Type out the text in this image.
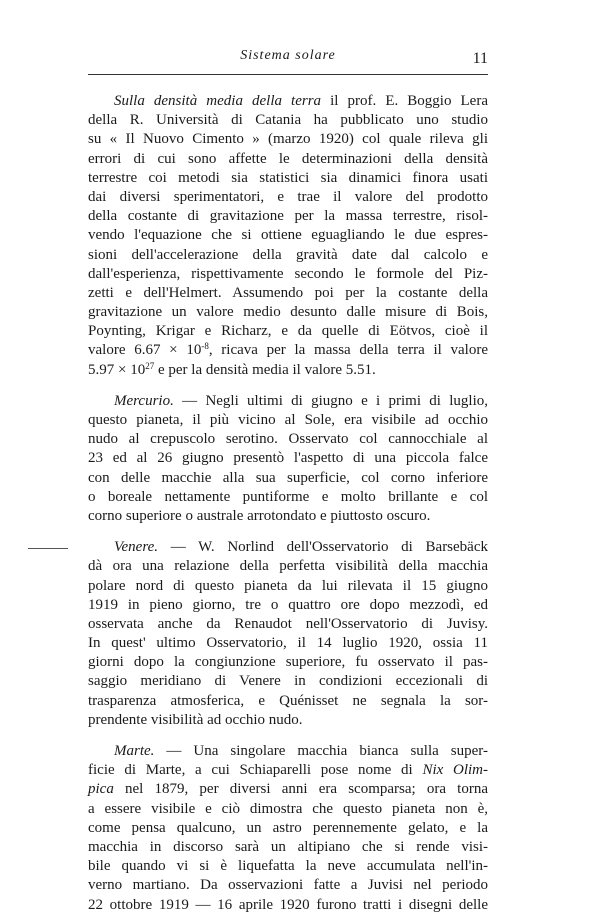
Sistema solare	11
Sulla densità media della terra il prof. E. Boggio Lera
della R. Università di Catania ha pubblicato uno studio
su « Il Nuovo Cimento » (marzo 1920) col quale rileva gli
errori di cui sono affette le determinazioni della densità
terrestre coi metodi sia statistici sia dinamici finora usati
dai diversi sperimentatori, e trae il valore del prodotto
della costante di gravitazione per la massa terrestre, risol-
vendo l'equazione che si ottiene eguagliando le due espres-
sioni dell'accelerazione della gravità date dal calcolo e
dall'esperienza, rispettivamente secondo le formole del Piz-
zetti e dell'Helmert. Assumendo poi per la costante della
gravitazione un valore medio desunto dalle misure di Bois,
Poynting, Krigar e Richarz, e da quelle di Eötvos, cioè il
valore $6.67 \times 10^{-8}$, ricava per la massa della terra il valore
$5.97 \times 10^{27}$ e per la densità media il valore 5.51.
Mercurio. — Negli ultimi di giugno e i primi di luglio,
questo pianeta, il più vicino al Sole, era visibile ad occhio
nudo al crepuscolo serotino. Osservato col cannocchiale al
23 ed al 26 giugno presentò l'aspetto di una piccola falce
con delle macchie alla sua superficie, col corno inferiore
o boreale nettamente puntiforme e molto brillante e col
corno superiore o australe arrotondato e piuttosto oscuro.
Venere. — W. Norlind dell'Osservatorio di Barsebäck
dà ora una relazione della perfetta visibilità della macchia
polare nord di questo pianeta da lui rilevata il 15 giugno
1919 in pieno giorno, tre o quattro ore dopo mezzodì, ed
osservata anche da Renaudot nell'Osservatorio di Juvisy.
In quest' ultimo Osservatorio, il 14 luglio 1920, ossia 11
giorni dopo la congiunzione superiore, fu osservato il pas-
saggio meridiano di Venere in condizioni eccezionali di
trasparenza atmosferica, e Quénisset ne segnala la sor-
prendente visibilità ad occhio nudo.
Marte. — Una singolare macchia bianca sulla super-
ficie di Marte, a cui Schiaparelli pose nome di Nix Olim-
pica nel 1879, per diversi anni era scomparsa; ora torna
a essere visibile e ciò dimostra che questo pianeta non è,
come pensa qualcuno, un astro perennemente gelato, e la
macchia in discorso sarà un altipiano che si rende visi-
bile quando vi si è liquefatta la neve accumulata nell'in-
verno martiano. Da osservazioni fatte a Juvisi nel periodo
22 ottobre 1919 — 16 aprile 1920 furono tratti i disegni delle
